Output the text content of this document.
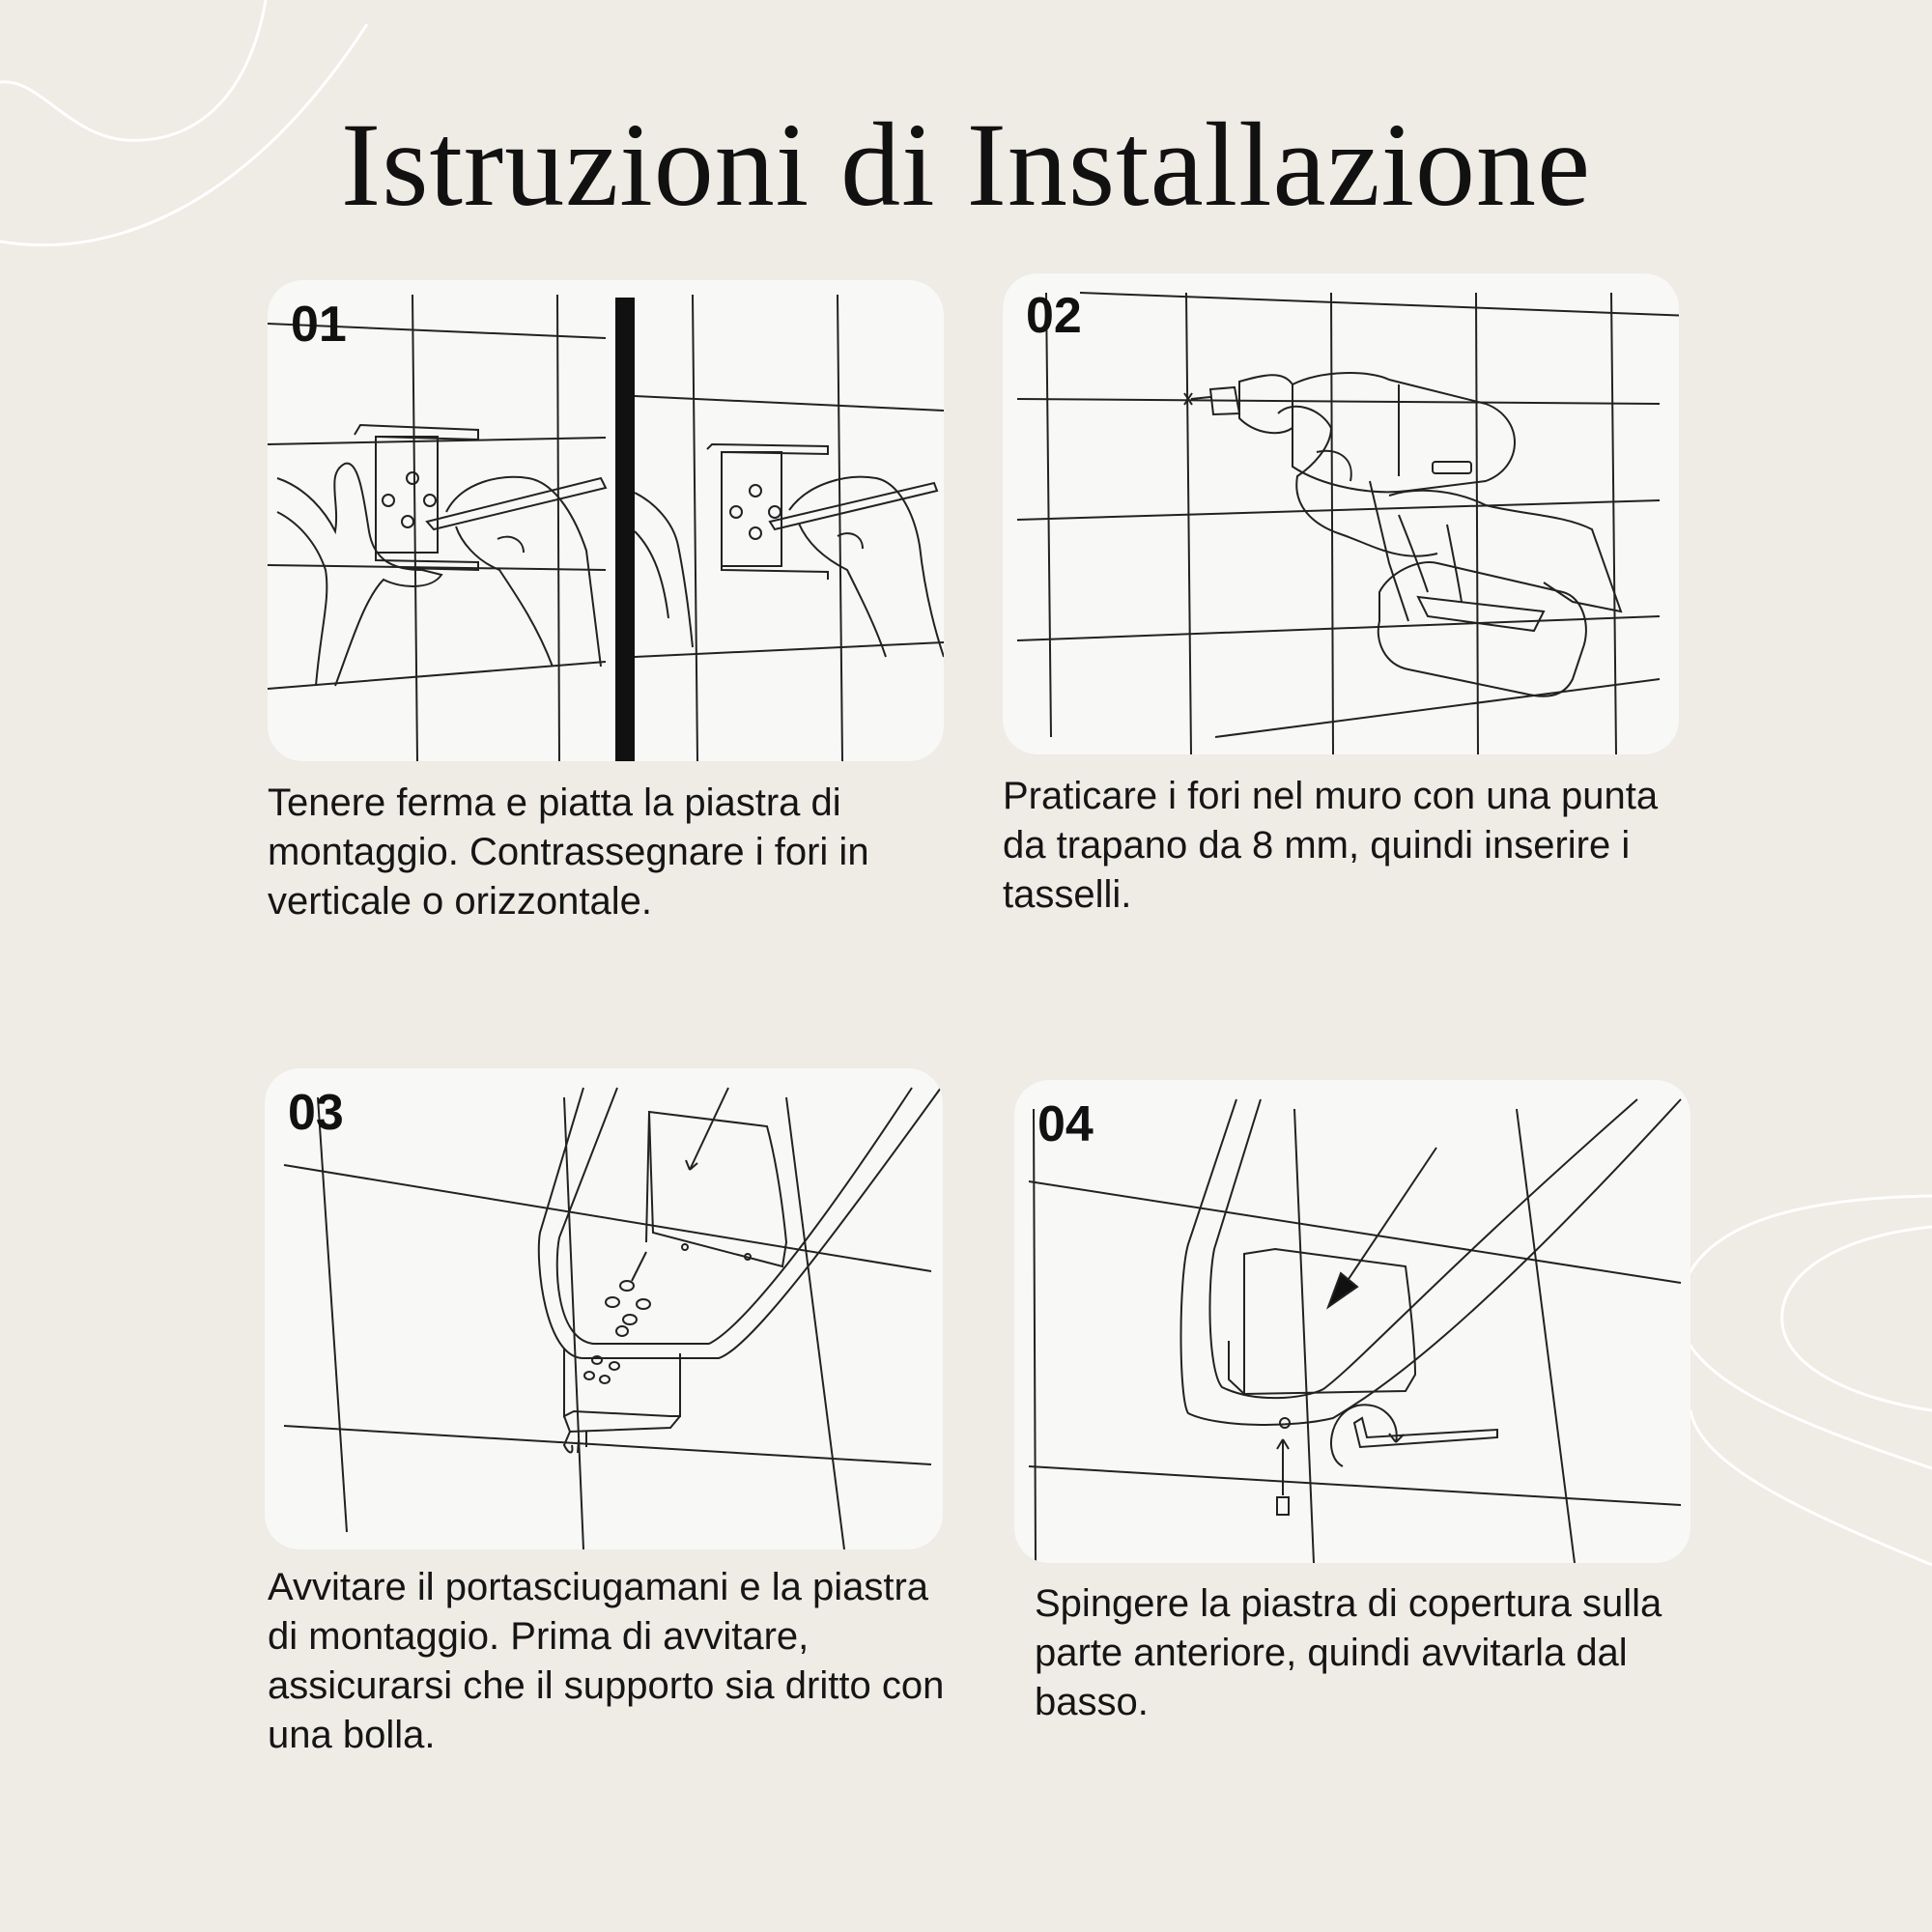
Istruzioni di Installazione
01

Tenere ferma e piatta la piastra di montaggio. Contrassegnare i fori in verticale o orizzontale.

02

Praticare i fori nel muro con una punta da trapano da 8 mm, quindi inserire i tasselli.

03

Avvitare il portasciugamani e la piastra di montaggio. Prima di avvitare, assicurarsi che il supporto sia dritto con una bolla.

04

Spingere la piastra di copertura sulla parte anteriore, quindi avvitarla dal basso.
